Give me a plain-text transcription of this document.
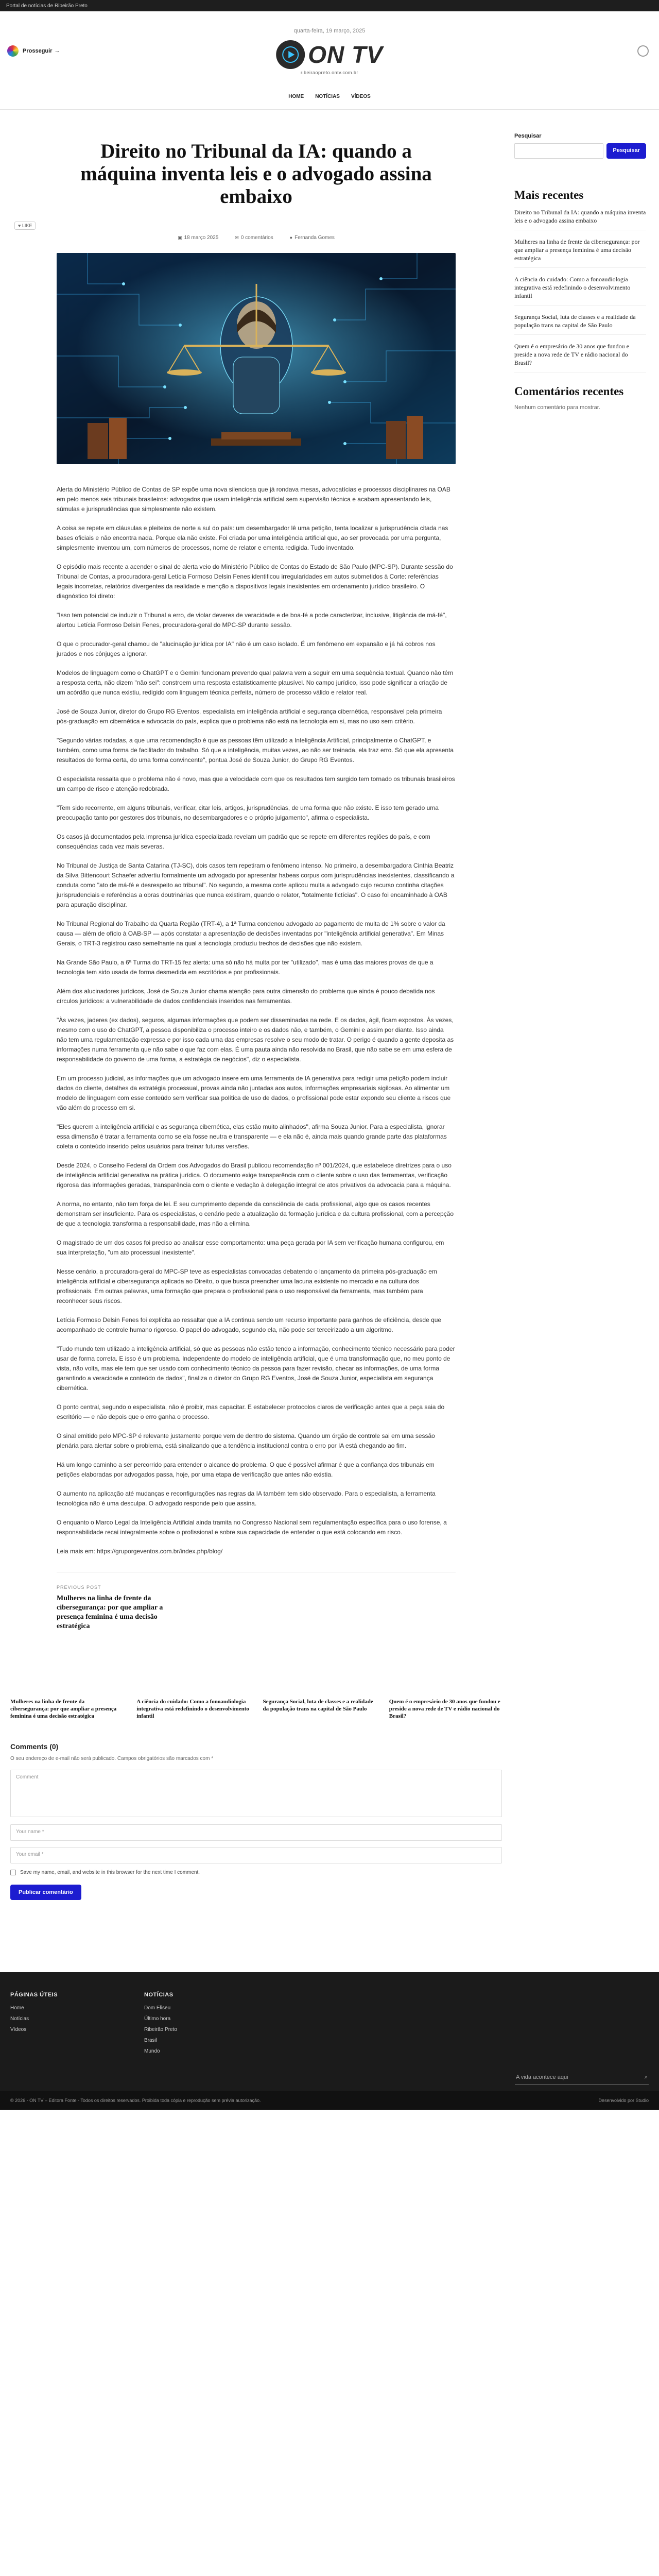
Portal de notícias de Ribeirão Preto
quarta-feira, 19 março, 2025
Prosseguir →	ON TV
ribeiraopreto.ontv.com.br
HOME NOTÍCIAS VÍDEOS
Direito no Tribunal da IA: quando a máquina inventa leis e o advogado assina embaixo
♥ LIKE
▣ 18 março 2025	✉ 0 comentários	● Fernanda Gomes

Alerta do Ministério Público de Contas de SP expõe uma nova silenciosa que já rondava mesas, advocatícias e processos disciplinares na OAB em pelo menos seis tribunais brasileiros: advogados que usam inteligência artificial sem supervisão técnica e acabam apresentando leis, súmulas e jurisprudências que simplesmente não existem.

A coisa se repete em cláusulas e pleiteios de norte a sul do país: um desembargador lê uma petição, tenta localizar a jurisprudência citada nas bases oficiais e não encontra nada. Porque ela não existe. Foi criada por uma inteligência artificial que, ao ser provocada por uma pergunta, simplesmente inventou um, com números de processos, nome de relator e ementa redigida. Tudo inventado.

O episódio mais recente a acender o sinal de alerta veio do Ministério Público de Contas do Estado de São Paulo (MPC-SP). Durante sessão do Tribunal de Contas, a procuradora-geral Letícia Formoso Delsin Fenes identificou irregularidades em autos submetidos à Corte: referências legais incorretas, relatórios divergentes da realidade e menção a dispositivos legais inexistentes em ordenamento jurídico brasileiro. O diagnóstico foi direto:

"Isso tem potencial de induzir o Tribunal a erro, de violar deveres de veracidade e de boa-fé a pode caracterizar, inclusive, litigância de má-fé", alertou Letícia Formoso Delsin Fenes, procuradora-geral do MPC-SP durante sessão.

O que o procurador-geral chamou de "alucinação jurídica por IA" não é um caso isolado. É um fenômeno em expansão e já há cobros nos jurados e nos cônjuges a ignorar.

Modelos de linguagem como o ChatGPT e o Gemini funcionam prevendo qual palavra vem a seguir em uma sequência textual. Quando não têm a resposta certa, não dizem "não sei": constroem uma resposta estatisticamente plausível. No campo jurídico, isso pode significar a criação de um acórdão que nunca existiu, redigido com linguagem técnica perfeita, número de processo válido e relator real.

José de Souza Junior, diretor do Grupo RG Eventos, especialista em inteligência artificial e segurança cibernética, responsável pela primeira pós-graduação em cibernética e advocacia do país, explica que o problema não está na tecnologia em si, mas no uso sem critério.

"Segundo várias rodadas, a que uma recomendação é que as pessoas têm utilizado a Inteligência Artificial, principalmente o ChatGPT, e também, como uma forma de facilitador do trabalho. Só que a inteligência, muitas vezes, ao não ser treinada, ela traz erro. Só que ela apresenta resultados de forma certa, do uma forma convincente", pontua José de Souza Junior, do Grupo RG Eventos.

O especialista ressalta que o problema não é novo, mas que a velocidade com que os resultados tem surgido tem tornado os tribunais brasileiros um campo de risco e atenção redobrada.

"Tem sido recorrente, em alguns tribunais, verificar, citar leis, artigos, jurisprudências, de uma forma que não existe. E isso tem gerado uma preocupação tanto por gestores dos tribunais, no desembargadores e o próprio julgamento", afirma o especialista.

Os casos já documentados pela imprensa jurídica especializada revelam um padrão que se repete em diferentes regiões do país, e com consequências cada vez mais severas.

No Tribunal de Justiça de Santa Catarina (TJ-SC), dois casos tem repetiram o fenômeno intenso. No primeiro, a desembargadora Cinthia Beatriz da Silva Bittencourt Schaefer advertiu formalmente um advogado por apresentar habeas corpus com jurisprudências inexistentes, classificando a conduta como "ato de má-fé e desrespeito ao tribunal". No segundo, a mesma corte aplicou multa a advogado cujo recurso continha citações jurisprudenciais e referências a obras doutrinárias que nunca existiram, quando o relator, "totalmente fictícias". O caso foi encaminhado à OAB para apuração disciplinar.

No Tribunal Regional do Trabalho da Quarta Região (TRT-4), a 1ª Turma condenou advogado ao pagamento de multa de 1% sobre o valor da causa — além de ofício à OAB-SP — após constatar a apresentação de decisões inventadas por "inteligência artificial generativa". Em Minas Gerais, o TRT-3 registrou caso semelhante na qual a tecnologia produziu trechos de decisões que não existem.

Na Grande São Paulo, a 6ª Turma do TRT-15 fez alerta: uma só não há multa por ter "utilizado", mas é uma das maiores provas de que a tecnologia tem sido usada de forma desmedida em escritórios e por profissionais.

Além dos alucinadores jurídicos, José de Souza Junior chama atenção para outra dimensão do problema que ainda é pouco debatida nos círculos jurídicos: a vulnerabilidade de dados confidenciais inseridos nas ferramentas.

"Às vezes, jaderes (ex dados), seguros, algumas informações que podem ser disseminadas na rede. E os dados, ágil, ficam expostos. Às vezes, mesmo com o uso do ChatGPT, a pessoa disponibiliza o processo inteiro e os dados não, e também, o Gemini e assim por diante. Isso ainda não tem uma regulamentação expressa e por isso cada uma das empresas resolve o seu modo de tratar. O perigo é quando a gente deposita as informações numa ferramenta que não sabe o que faz com elas. É uma pauta ainda não resolvida no Brasil, que não sabe se em uma esfera de responsabilidade do governo de uma forma, a estratégia de negócios", diz o especialista.

Em um processo judicial, as informações que um advogado insere em uma ferramenta de IA generativa para redigir uma petição podem incluir dados do cliente, detalhes da estratégia processual, provas ainda não juntadas aos autos, informações empresariais sigilosas. Ao alimentar um modelo de linguagem com esse conteúdo sem verificar sua política de uso de dados, o profissional pode estar expondo seu cliente a riscos que vão além do processo em si.

"Eles querem a inteligência artificial e as segurança cibernética, elas estão muito alinhados", afirma Souza Junior. Para a especialista, ignorar essa dimensão é tratar a ferramenta como se ela fosse neutra e transparente — e ela não é, ainda mais quando grande parte das plataformas coleta o conteúdo inserido pelos usuários para treinar futuras versões.

Desde 2024, o Conselho Federal da Ordem dos Advogados do Brasil publicou recomendação nº 001/2024, que estabelece diretrizes para o uso de inteligência artificial generativa na prática jurídica. O documento exige transparência com o cliente sobre o uso das ferramentas, verificação rigorosa das informações geradas, transparência com o cliente e vedação à delegação integral de atos privativos da advocacia para a máquina.

A norma, no entanto, não tem força de lei. E seu cumprimento depende da consciência de cada profissional, algo que os casos recentes demonstram ser insuficiente. Para os especialistas, o cenário pede a atualização da formação jurídica e da cultura profissional, com a percepção de que a tecnologia transforma a responsabilidade, mas não a elimina.

O magistrado de um dos casos foi preciso ao analisar esse comportamento: uma peça gerada por IA sem verificação humana configurou, em sua interpretação, "um ato processual inexistente".

Nesse cenário, a procuradora-geral do MPC-SP teve as especialistas convocadas debatendo o lançamento da primeira pós-graduação em inteligência artificial e cibersegurança aplicada ao Direito, o que busca preencher uma lacuna existente no mercado e na cultura dos profissionais. Em outras palavras, uma formação que prepara o profissional para o uso responsável da ferramenta, mas também para reconhecer seus riscos.

Letícia Formoso Delsin Fenes foi explícita ao ressaltar que a IA continua sendo um recurso importante para ganhos de eficiência, desde que acompanhado de controle humano rigoroso. O papel do advogado, segundo ela, não pode ser terceirizado a um algoritmo.

"Tudo mundo tem utilizado a inteligência artificial, só que as pessoas não estão tendo a informação, conhecimento técnico necessário para poder usar de forma correta. E isso é um problema. Independente do modelo de inteligência artificial, que é uma transformação que, no meu ponto de vista, não volta, mas ele tem que ser usado com conhecimento técnico da pessoa para fazer revisão, checar as informações, de uma forma garantindo a veracidade e conteúdo de dados", finaliza o diretor do Grupo RG Eventos, José de Souza Junior, especialista em segurança cibernética.

O ponto central, segundo o especialista, não é proibir, mas capacitar. E estabelecer protocolos claros de verificação antes que a peça saia do escritório — e não depois que o erro ganha o processo.

O sinal emitido pelo MPC-SP é relevante justamente porque vem de dentro do sistema. Quando um órgão de controle sai em uma sessão plenária para alertar sobre o problema, está sinalizando que a tendência institucional contra o erro por IA está chegando ao fim.

Há um longo caminho a ser percorrido para entender o alcance do problema. O que é possível afirmar é que a confiança dos tribunais em petições elaboradas por advogados passa, hoje, por uma etapa de verificação que antes não existia.

O aumento na aplicação até mudanças e reconfigurações nas regras da IA também tem sido observado. Para o especialista, a ferramenta tecnológica não é uma desculpa. O advogado responde pelo que assina.

O enquanto o Marco Legal da Inteligência Artificial ainda tramita no Congresso Nacional sem regulamentação específica para o uso forense, a responsabilidade recai integralmente sobre o profissional e sobre sua capacidade de entender o que está colocando em risco.

Leia mais em: https://gruporgeventos.com.br/index.php/blog/

PREVIOUS POST
Mulheres na linha de frente da cibersegurança: por que ampliar a presença feminina é uma decisão estratégica
Mulheres na linha de frente da cibersegurança: por que ampliar a presença feminina é uma decisão estratégica
A ciência do cuidado: Como a fonoaudiologia integrativa está redefinindo o desenvolvimento infantil
Segurança Social, luta de classes e a realidade da população trans na capital de São Paulo
Quem é o empresário de 30 anos que fundou e preside a nova rede de TV e rádio nacional do Brasil?
Comments (0)
O seu endereço de e-mail não será publicado. Campos obrigatórios são marcados com *
Comment
Your name *
Your email *
Save my name, email, and website in this browser for the next time I comment.
Publicar comentário
Pesquisar
Pesquisar
Mais recentes
Direito no Tribunal da IA: quando a máquina inventa leis e o advogado assina embaixo
Mulheres na linha de frente da cibersegurança: por que ampliar a presença feminina é uma decisão estratégica
A ciência do cuidado: Como a fonoaudiologia integrativa está redefinindo o desenvolvimento infantil
Segurança Social, luta de classes e a realidade da população trans na capital de São Paulo
Quem é o empresário de 30 anos que fundou e preside a nova rede de TV e rádio nacional do Brasil?
Comentários recentes
Nenhum comentário para mostrar.
PÁGINAS ÚTEIS
Home
Notícias
Vídeos
NOTÍCIAS
Dom Eliseu
Último hora
Ribeirão Preto
Brasil
Mundo
A vida acontece aqui	⌕
© 2026 - ON TV – Editora Fonte - Todos os direitos reservados. Proibida toda cópia e reprodução sem prévia autorização.	Desenvolvido por Studio
